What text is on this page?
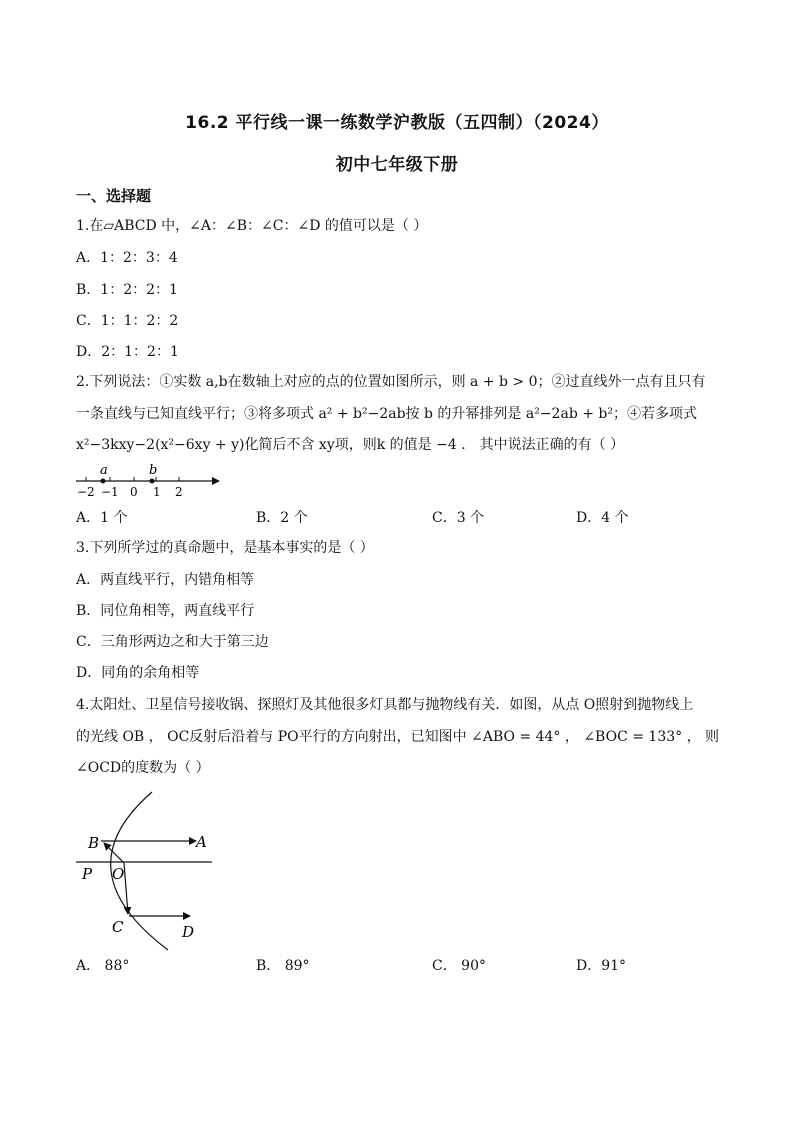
16.2 平行线一课一练数学沪教版（五四制）（2024）
初中七年级下册
一、选择题
1.在▱ABCD 中，∠A：∠B：∠C：∠D 的值可以是（ ）
A．1：2：3：4
B．1：2：2：1
C．1：1：2：2
D．2：1：2：1
2.下列说法：①实数 a,b在数轴上对应的点的位置如图所示，则 a + b > 0；②过直线外一点有且只有
一条直线与已知直线平行；③将多项式 a² + b²−2ab按 b 的升幂排列是 a²−2ab + b²；④若多项式
x²−3kxy−2(x²−6xy + y)化简后不含 xy项，则k 的值是 −4 ． 其中说法正确的有（ ）
a	b
−2 −1 0 1 2
A．1 个	B．2 个	C．3 个	D．4 个
3.下列所学过的真命题中，是基本事实的是（ ）
A．两直线平行，内错角相等
B．同位角相等，两直线平行
C．三角形两边之和大于第三边
D．同角的余角相等
4.太阳灶、卫星信号接收锅、探照灯及其他很多灯具都与抛物线有关．如图，从点 O照射到抛物线上
的光线 OB ， OC反射后沿着与 PO平行的方向射出，已知图中 ∠ABO = 44° ， ∠BOC = 133° ， 则
∠OCD的度数为（ ）
B	A
P O
C	D
A． 88°	B． 89°	C． 90°	D．91°
